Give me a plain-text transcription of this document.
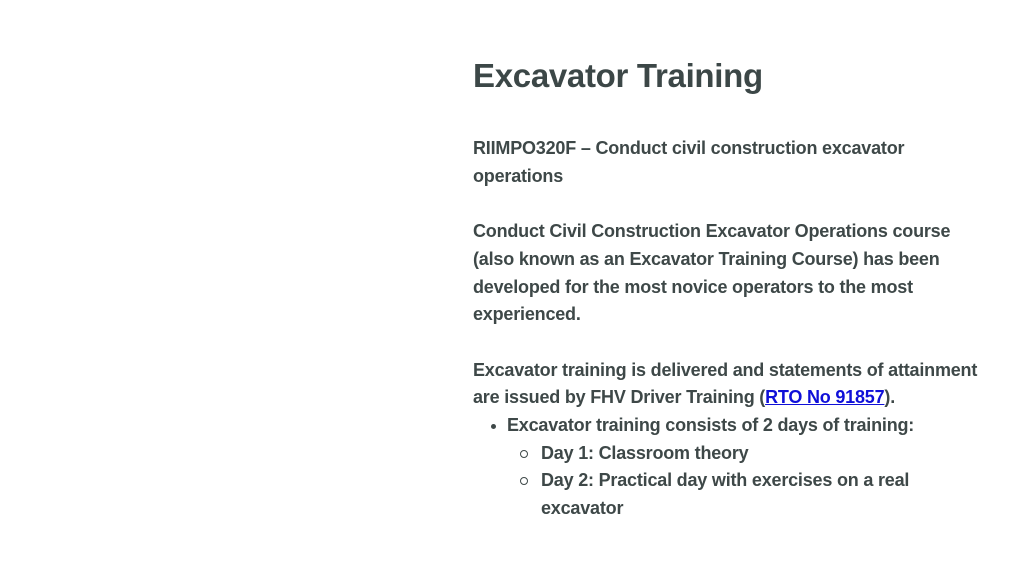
Excavator Training

RIIMPO320F – Conduct civil construction excavator operations

Conduct Civil Construction Excavator Operations course (also known as an Excavator Training Course) has been developed for the most novice operators to the most experienced.

Excavator training is delivered and statements of attainment are issued by FHV Driver Training (RTO No 91857).

Excavator training consists of 2 days of training:
Day 1: Classroom theory
Day 2: Practical day with exercises on a real excavator
